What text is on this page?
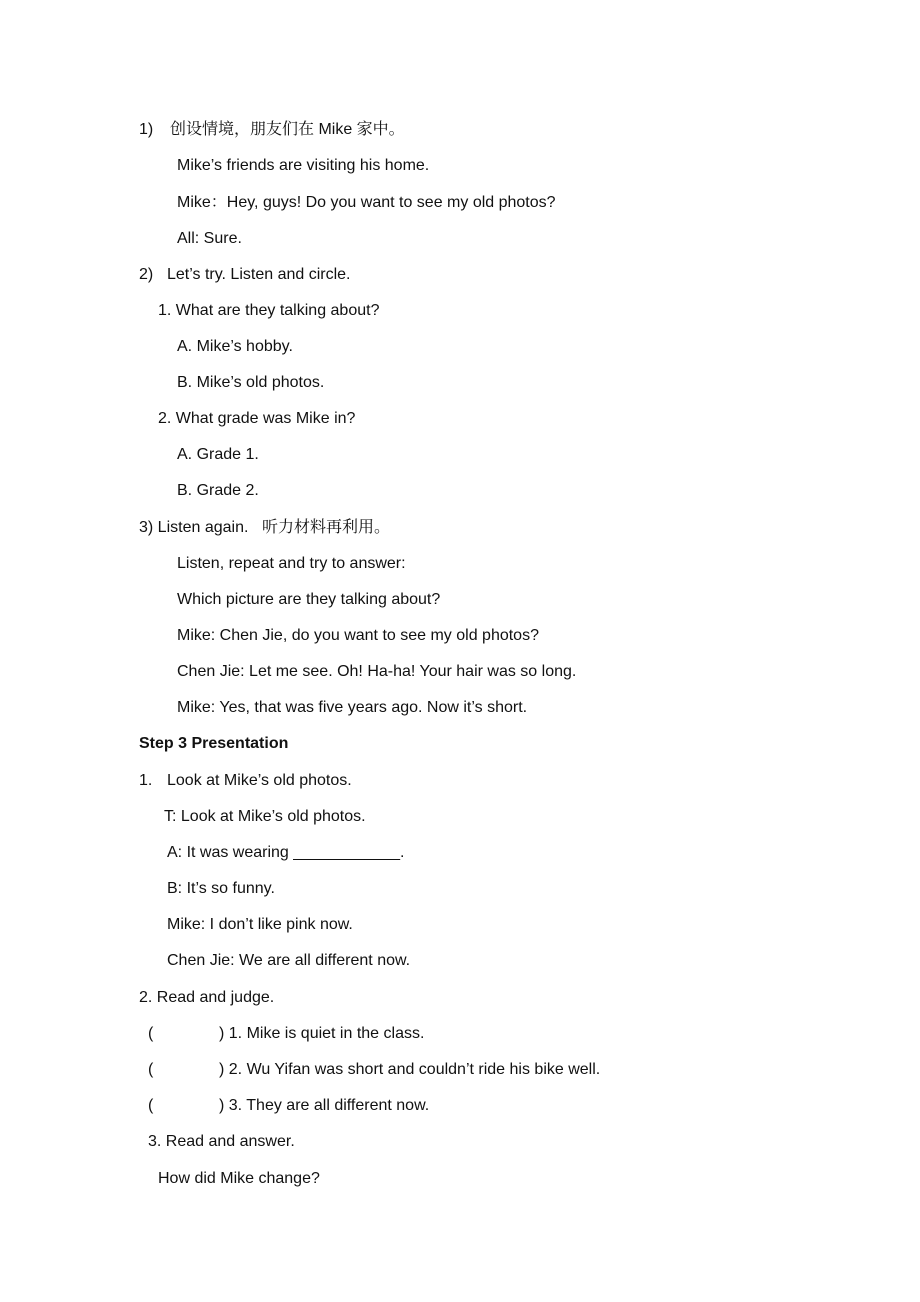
1) 创设情境，朋友们在 Mike 家中。
Mike’s friends are visiting his home.
Mike：Hey, guys! Do you want to see my old photos?
All: Sure.
2) Let’s try. Listen and circle.
1. What are they talking about?
A. Mike’s hobby.
B. Mike’s old photos.
2. What grade was Mike in?
A. Grade 1.
B. Grade 2.
3) Listen again. 听力材料再利用。
Listen, repeat and try to answer:
Which picture are they talking about?
Mike: Chen Jie, do you want to see my old photos?
Chen Jie: Let me see. Oh! Ha-ha! Your hair was so long.
Mike: Yes, that was five years ago. Now it’s short.
Step 3 Presentation
1. Look at Mike’s old photos.
T: Look at Mike’s old photos.
A: It was wearing ____________.
B: It’s so funny.
Mike: I don’t like pink now.
Chen Jie: We are all different now.
2. Read and judge.
(	) 1. Mike is quiet in the class.
(	) 2. Wu Yifan was short and couldn’t ride his bike well.
(	) 3. They are all different now.
3. Read and answer.
How did Mike change?
